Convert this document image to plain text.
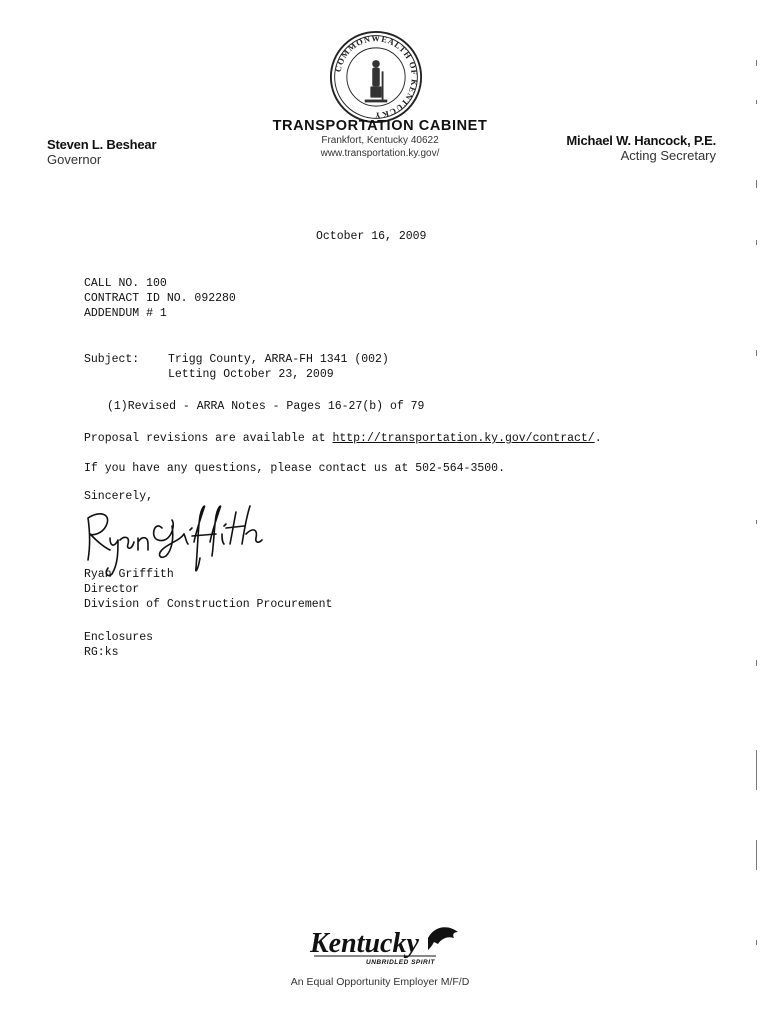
COMMONWEALTH OF KENTUCKY
TRANSPORTATION CABINET
Frankfort, Kentucky 40622
www.transportation.ky.gov/
Steven L. Beshear
Governor
Michael W. Hancock, P.E.
Acting Secretary
October 16, 2009
CALL NO. 100
CONTRACT ID NO. 092280
ADDENDUM # 1
Subject:	Trigg County, ARRA-FH 1341 (002)
Letting October 23, 2009
(1)Revised - ARRA Notes - Pages 16-27(b) of 79
Proposal revisions are available at http://transportation.ky.gov/contract/.
If you have any questions, please contact us at 502-564-3500.
Sincerely,
Ryan Griffith
Director
Division of Construction Procurement
Enclosures
RG:ks
Kentucky
UNBRIDLED SPIRIT
An Equal Opportunity Employer M/F/D
